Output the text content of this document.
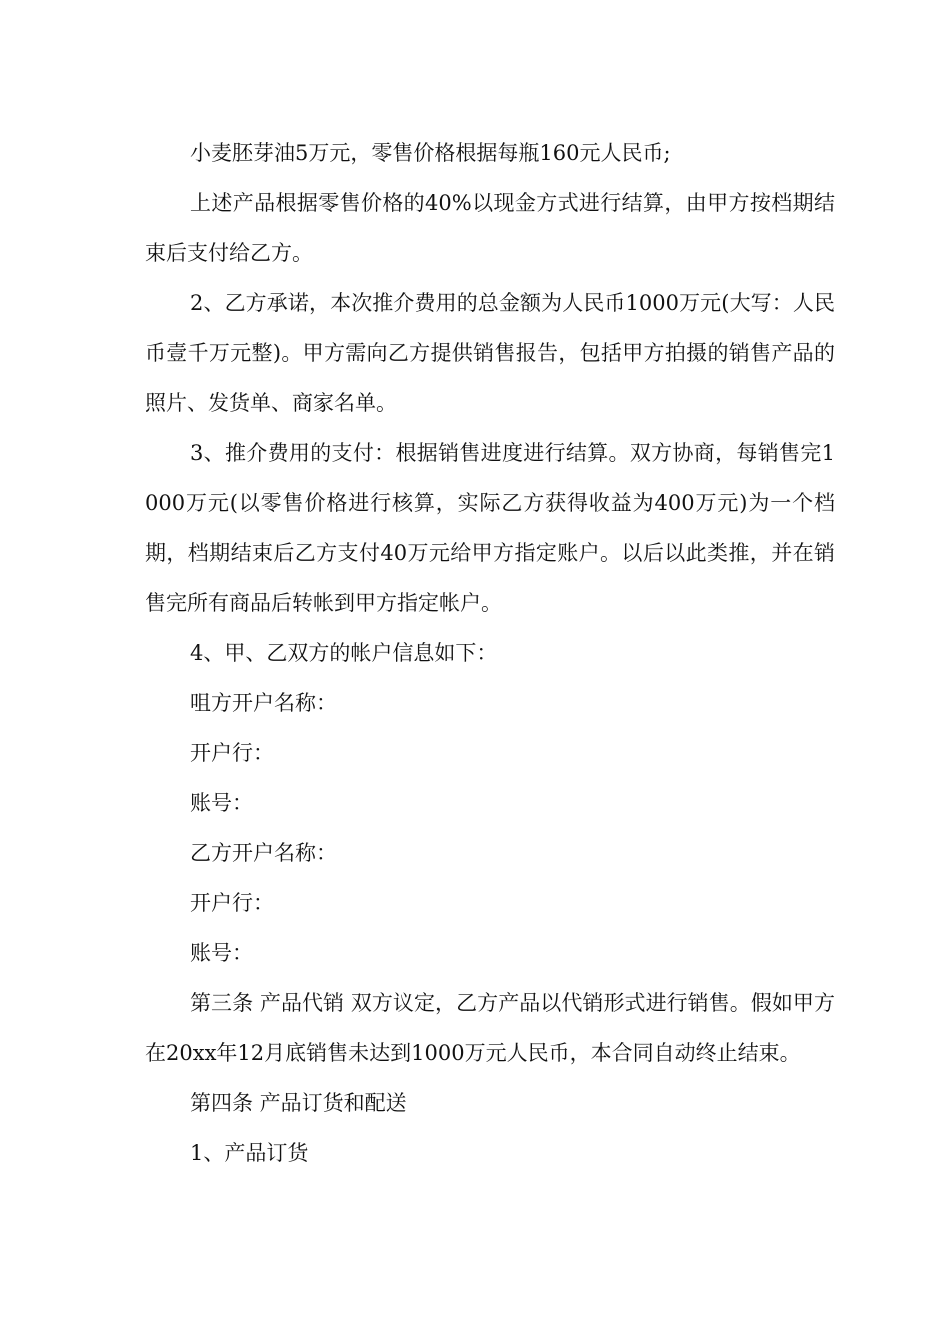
小麦胚芽油5万元，零售价格根据每瓶160元人民币;

上述产品根据零售价格的40%以现金方式进行结算，由甲方按档期结束后支付给乙方。

2、乙方承诺，本次推介费用的总金额为人民币1000万元(大写：人民币壹千万元整)。甲方需向乙方提供销售报告，包括甲方拍摄的销售产品的照片、发货单、商家名单。

3、推介费用的支付：根据销售进度进行结算。双方协商，每销售完1000万元(以零售价格进行核算，实际乙方获得收益为400万元)为一个档期，档期结束后乙方支付40万元给甲方指定账户。以后以此类推，并在销售完所有商品后转帐到甲方指定帐户。

4、甲、乙双方的帐户信息如下：

咀方开户名称：

开户行：

账号：

乙方开户名称：

开户行：

账号：

第三条 产品代销 双方议定，乙方产品以代销形式进行销售。假如甲方在20xx年12月底销售未达到1000万元人民币，本合同自动终止结束。

第四条 产品订货和配送

1、产品订货
